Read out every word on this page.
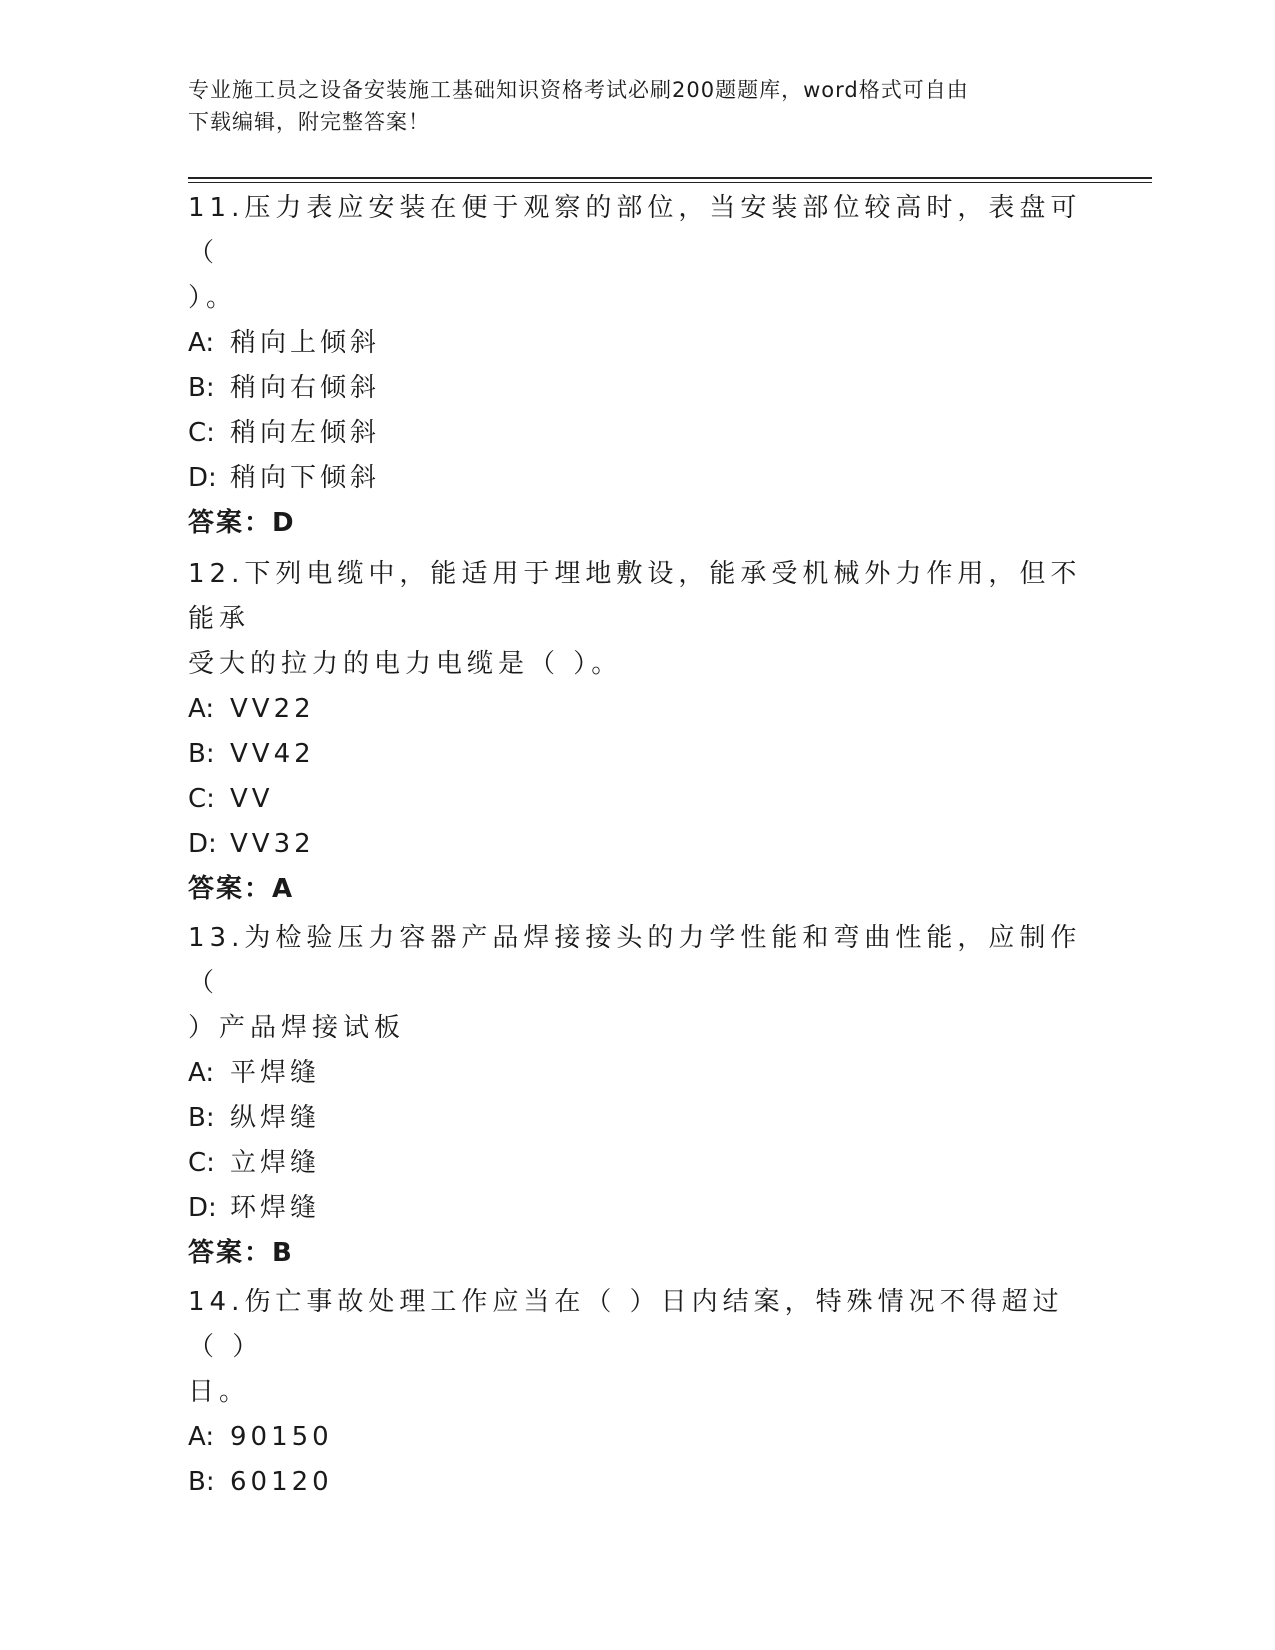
专业施工员之设备安装施工基础知识资格考试必刷200题题库，word格式可自由
下载编辑，附完整答案！

11.压力表应安装在便于观察的部位，当安装部位较高时，表盘可（

）。

A: 稍向上倾斜

B: 稍向右倾斜

C: 稍向左倾斜

D: 稍向下倾斜

答案：D

12.下列电缆中，能适用于埋地敷设，能承受机械外力作用，但不能承

受大的拉力的电力电缆是（ ）。

A: VV22

B: VV42

C: VV

D: VV32

答案：A

13.为检验压力容器产品焊接接头的力学性能和弯曲性能，应制作（

）产品焊接试板

A: 平焊缝

B: 纵焊缝

C: 立焊缝

D: 环焊缝

答案：B

14.伤亡事故处理工作应当在（ ）日内结案，特殊情况不得超过（ ）

日。

A: 90150

B: 60120
